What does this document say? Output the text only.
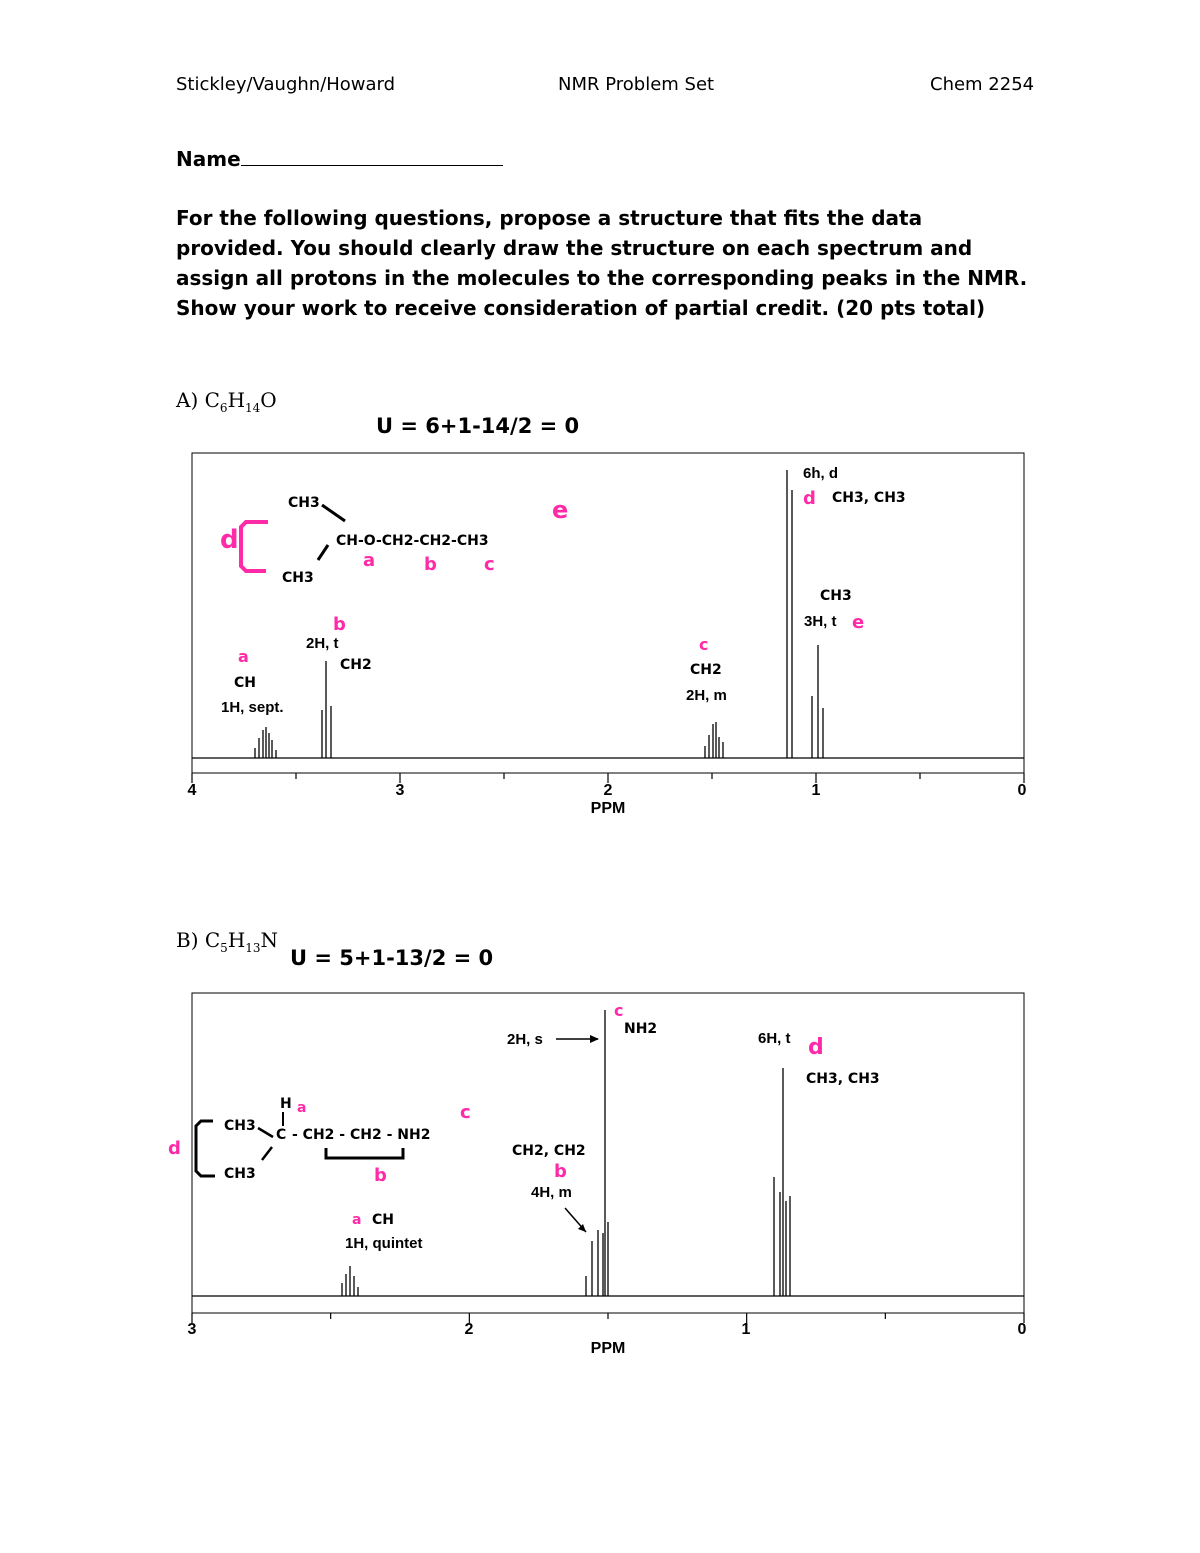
Stickley/Vaughn/Howard	NMR Problem Set	Chem 2254
Name
For the following questions, propose a structure that fits the data provided. You should clearly draw the structure on each spectrum and assign all protons in the molecules to the corresponding peaks in the NMR. Show your work to receive consideration of partial credit. (20 pts total)
A) $C_6H_{14}O$
B) $C_5H_{13}N$
U = 6+1-14/2 = 0
4	3	2	1	0
PPM
d
CH3
CH3
CH-O-CH2-CH2-CH3
a	b	c
e
a
CH
1H, sept.
b
2H, t
CH2
c
CH2
2H, m
6h, d
d CH3, CH3
CH3
3H, t e
U = 5+1-13/2 = 0
3	2	1	0
PPM
d
CH3
CH3
H a
C - CH2 - CH2 - NH2
b
c
a CH
1H, quintet
CH2, CH2
b
4H, m
2H, s
c
NH2
6H, t d
CH3, CH3
